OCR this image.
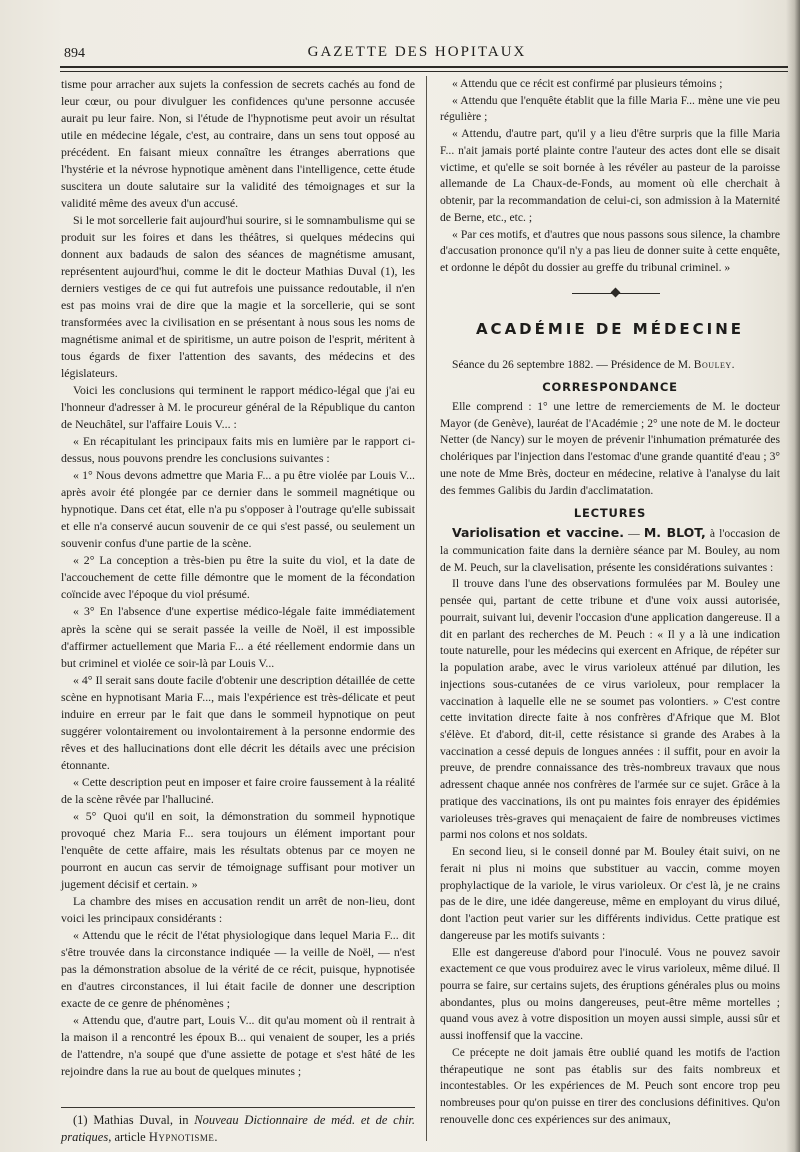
894	GAZETTE DES HOPITAUX

tisme pour arracher aux sujets la confession de secrets cachés au fond de leur cœur, ou pour divulguer les confidences qu'une personne accusée aurait pu leur faire. Non, si l'étude de l'hypnotisme peut avoir un résultat utile en médecine légale, c'est, au contraire, dans un sens tout opposé au précédent. En faisant mieux connaître les étranges aberrations que l'hystérie et la névrose hypnotique amènent dans l'intelligence, cette étude suscitera un doute salutaire sur la validité des témoignages et sur la validité même des aveux d'un accusé.

Si le mot sorcellerie fait aujourd'hui sourire, si le somnambulisme qui se produit sur les foires et dans les théâtres, si quelques médecins qui donnent aux badauds de salon des séances de magnétisme amusant, représentent aujourd'hui, comme le dit le docteur Mathias Duval (1), les derniers vestiges de ce qui fut autrefois une puissance redoutable, il n'en est pas moins vrai de dire que la magie et la sorcellerie, qui se sont transformées avec la civilisation en se présentant à nous sous les noms de magnétisme animal et de spiritisme, un autre poison de l'esprit, méritent à tous égards de fixer l'attention des savants, des médecins et des législateurs.

Voici les conclusions qui terminent le rapport médico-légal que j'ai eu l'honneur d'adresser à M. le procureur général de la République du canton de Neuchâtel, sur l'affaire Louis V... :

« En récapitulant les principaux faits mis en lumière par le rapport ci-dessus, nous pouvons prendre les conclusions suivantes :

« 1° Nous devons admettre que Maria F... a pu être violée par Louis V... après avoir été plongée par ce dernier dans le sommeil magnétique ou hypnotique. Dans cet état, elle n'a pu s'opposer à l'outrage qu'elle subissait et elle n'a conservé aucun souvenir de ce qui s'est passé, ou seulement un souvenir confus d'une partie de la scène.

« 2° La conception a très-bien pu être la suite du viol, et la date de l'accouchement de cette fille démontre que le moment de la fécondation coïncide avec l'époque du viol présumé.

« 3° En l'absence d'une expertise médico-légale faite immédiatement après la scène qui se serait passée la veille de Noël, il est impossible d'affirmer actuellement que Maria F... a été réellement endormie dans un but criminel et violée ce soir-là par Louis V...

« 4° Il serait sans doute facile d'obtenir une description détaillée de cette scène en hypnotisant Maria F..., mais l'expérience est très-délicate et peut induire en erreur par le fait que dans le sommeil hypnotique on peut suggérer volontairement ou involontairement à la personne endormie des rêves et des hallucinations dont elle décrit les détails avec une précision étonnante.

« Cette description peut en imposer et faire croire faussement à la réalité de la scène rêvée par l'halluciné.

« 5° Quoi qu'il en soit, la démonstration du sommeil hypnotique provoqué chez Maria F... sera toujours un élément important pour l'enquête de cette affaire, mais les résultats obtenus par ce moyen ne pourront en aucun cas servir de témoignage suffisant pour motiver un jugement décisif et certain. »

La chambre des mises en accusation rendit un arrêt de non-lieu, dont voici les principaux considérants :

« Attendu que le récit de l'état physiologique dans lequel Maria F... dit s'être trouvée dans la circonstance indiquée — la veille de Noël, — n'est pas la démonstration absolue de la vérité de ce récit, puisque, hypnotisée en d'autres circonstances, il lui était facile de donner une description exacte de ce genre de phénomènes ;

« Attendu que, d'autre part, Louis V... dit qu'au moment où il rentrait à la maison il a rencontré les époux B... qui venaient de souper, les a priés de l'attendre, n'a soupé que d'une assiette de potage et s'est hâté de les rejoindre dans la rue au bout de quelques minutes ;

(1) Mathias Duval, in Nouveau Dictionnaire de méd. et de chir. pratiques, article Hypnotisme.

« Attendu que ce récit est confirmé par plusieurs témoins ;

« Attendu que l'enquête établit que la fille Maria F... mène une vie peu régulière ;

« Attendu, d'autre part, qu'il y a lieu d'être surpris que la fille Maria F... n'ait jamais porté plainte contre l'auteur des actes dont elle se disait victime, et qu'elle se soit bornée à les révéler au pasteur de la paroisse allemande de La Chaux-de-Fonds, au moment où elle cherchait à obtenir, par la recommandation de celui-ci, son admission à la Maternité de Berne, etc., etc. ;

« Par ces motifs, et d'autres que nous passons sous silence, la chambre d'accusation prononce qu'il n'y a pas lieu de donner suite à cette enquête, et ordonne le dépôt du dossier au greffe du tribunal criminel. »

ACADÉMIE DE MÉDECINE

Séance du 26 septembre 1882. — Présidence de M. Bouley.

CORRESPONDANCE

Elle comprend : 1° une lettre de remerciements de M. le docteur Mayor (de Genève), lauréat de l'Académie ; 2° une note de M. le docteur Netter (de Nancy) sur le moyen de prévenir l'inhumation prématurée des cholériques par l'injection dans l'estomac d'une grande quantité d'eau ; 3° une note de Mme Brès, docteur en médecine, relative à l'analyse du lait des femmes Galibis du Jardin d'acclimatation.

LECTURES

Variolisation et vaccine. — M. BLOT, à l'occasion de la communication faite dans la dernière séance par M. Bouley, au nom de M. Peuch, sur la clavelisation, présente les considérations suivantes :

Il trouve dans l'une des observations formulées par M. Bouley une pensée qui, partant de cette tribune et d'une voix aussi autorisée, pourrait, suivant lui, devenir l'occasion d'une application dangereuse. Il a dit en parlant des recherches de M. Peuch : « Il y a là une indication toute naturelle, pour les médecins qui exercent en Afrique, de répéter sur la population arabe, avec le virus varioleux atténué par dilution, les injections sous-cutanées de ce virus varioleux, pour remplacer la vaccination à laquelle elle ne se soumet pas volontiers. » C'est contre cette invitation directe faite à nos confrères d'Afrique que M. Blot s'élève. Et d'abord, dit-il, cette résistance si grande des Arabes à la vaccination a cessé depuis de longues années : il suffit, pour en avoir la preuve, de prendre connaissance des très-nombreux travaux que nous adressent chaque année nos confrères de l'armée sur ce sujet. Grâce à la pratique des vaccinations, ils ont pu maintes fois enrayer des épidémies varioleuses très-graves qui menaçaient de faire de nombreuses victimes parmi nos colons et nos soldats.

En second lieu, si le conseil donné par M. Bouley était suivi, on ne ferait ni plus ni moins que substituer au vaccin, comme moyen prophylactique de la variole, le virus varioleux. Or c'est là, je ne crains pas de le dire, une idée dangereuse, même en employant du virus dilué, dont l'action peut varier sur les différents individus. Cette pratique est dangereuse par les motifs suivants :

Elle est dangereuse d'abord pour l'inoculé. Vous ne pouvez savoir exactement ce que vous produirez avec le virus varioleux, même dilué. Il pourra se faire, sur certains sujets, des éruptions générales plus ou moins abondantes, plus ou moins dangereuses, peut-être même mortelles ; quand vous avez à votre disposition un moyen aussi simple, aussi sûr et aussi inoffensif que la vaccine.

Ce précepte ne doit jamais être oublié quand les motifs de l'action thérapeutique ne sont pas établis sur des faits nombreux et incontestables. Or les expériences de M. Peuch sont encore trop peu nombreuses pour qu'on puisse en tirer des conclusions définitives. Qu'on renouvelle donc ces expériences sur des animaux,
